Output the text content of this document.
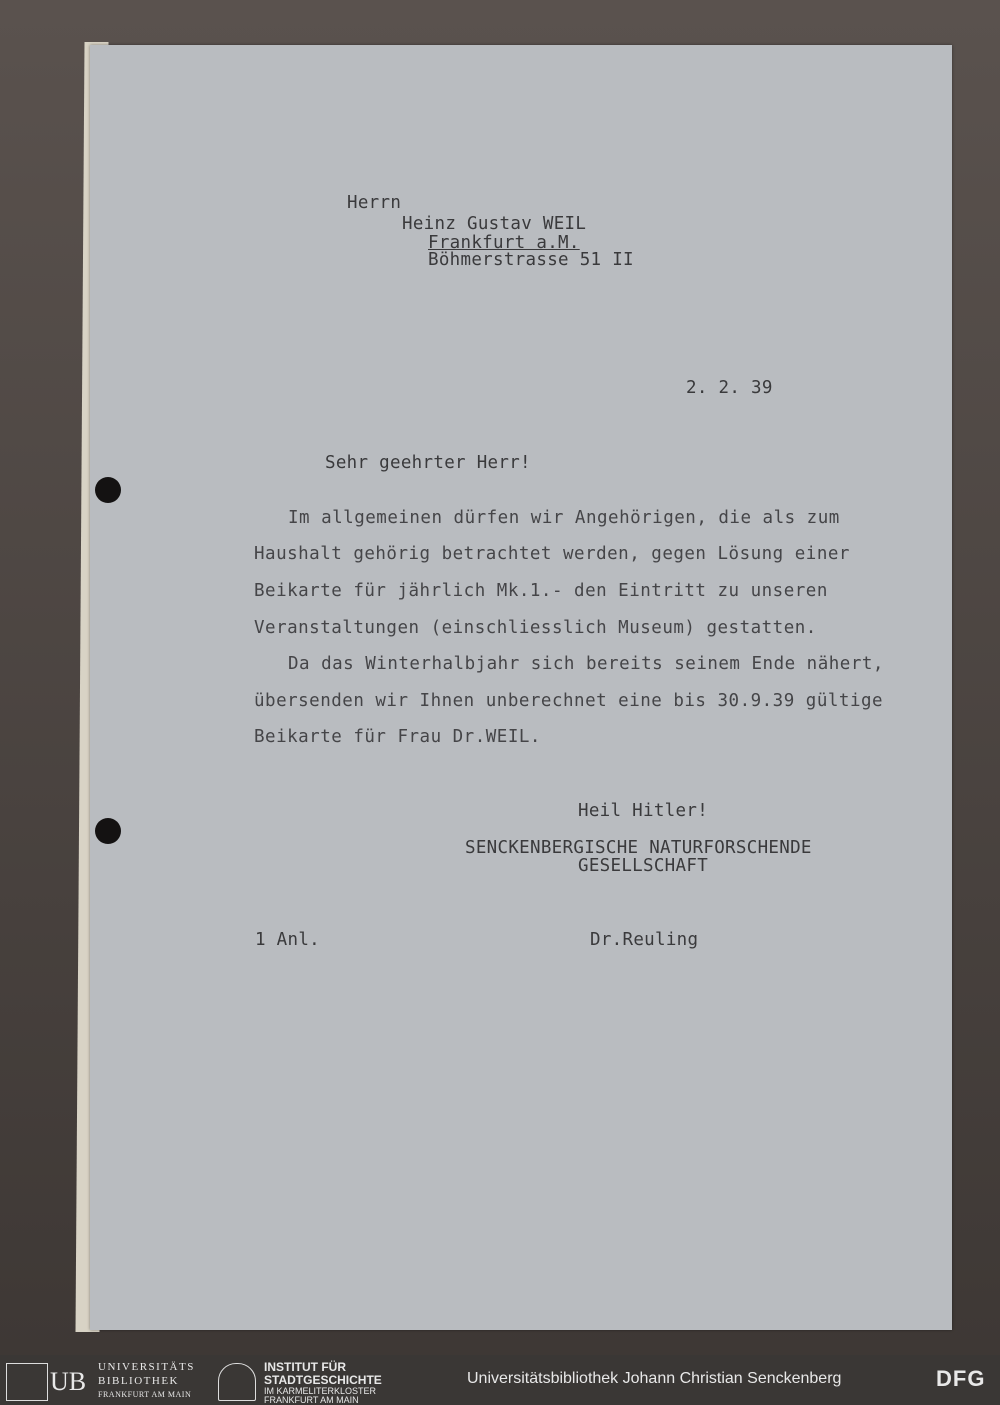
Herrn
Heinz Gustav WEIL
Frankfurt a.M.
Böhmerstrasse 51 II
2. 2. 39
Sehr geehrter Herr!
Im allgemeinen dürfen wir Angehörigen, die als zum
Haushalt gehörig betrachtet werden, gegen Lösung einer
Beikarte für jährlich Mk.1.- den Eintritt zu unseren
Veranstaltungen (einschliesslich Museum) gestatten.
Da das Winterhalbjahr sich bereits seinem Ende nähert,
übersenden wir Ihnen unberechnet eine bis 30.9.39 gültige
Beikarte für Frau Dr.WEIL.
Heil Hitler!
SENCKENBERGISCHE NATURFORSCHENDE
GESELLSCHAFT
1 Anl.	Dr.Reuling
UB UNIVERSITÄTS
BIBLIOTHEK
FRANKFURT AM MAIN
INSTITUT FÜR
STADTGESCHICHTE
IM KARMELITERKLOSTER
FRANKFURT AM MAIN
Universitätsbibliothek Johann Christian Senckenberg	DFG
